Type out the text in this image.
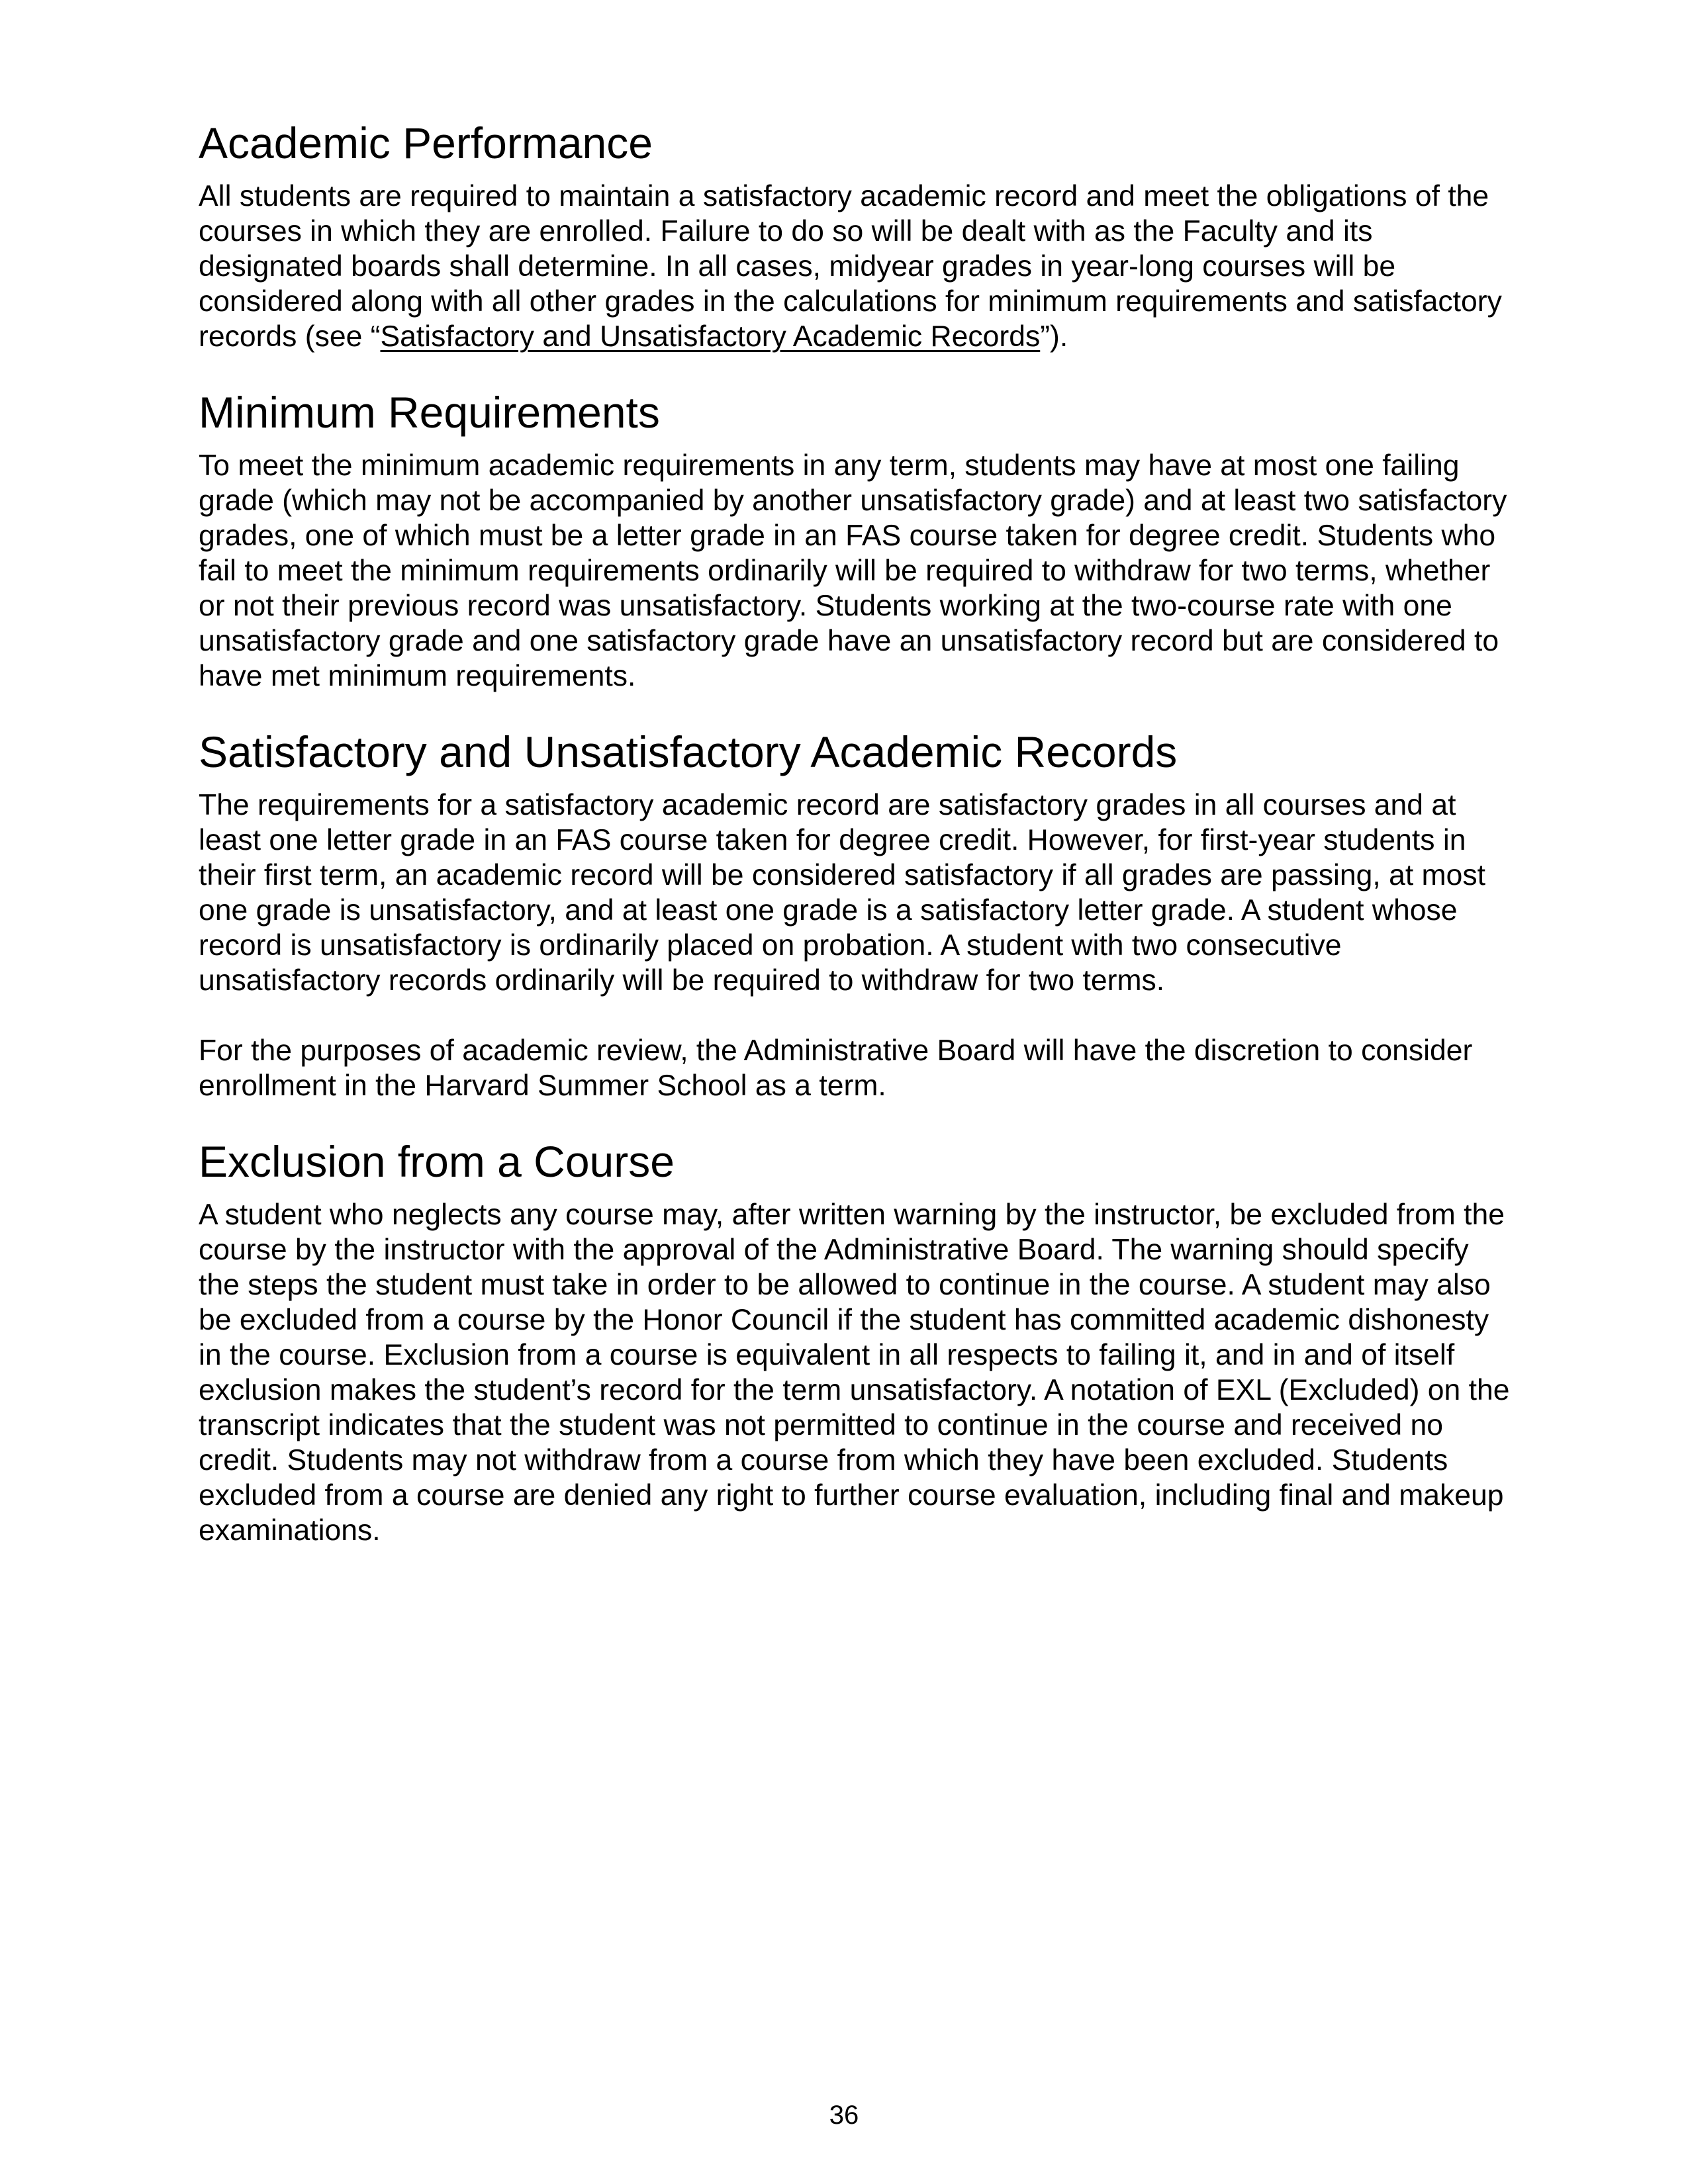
Academic Performance

All students are required to maintain a satisfactory academic record and meet the obligations of the courses in which they are enrolled. Failure to do so will be dealt with as the Faculty and its designated boards shall determine. In all cases, midyear grades in year-long courses will be considered along with all other grades in the calculations for minimum requirements and satisfactory records (see “Satisfactory and Unsatisfactory Academic Records”).

Minimum Requirements

To meet the minimum academic requirements in any term, students may have at most one failing grade (which may not be accompanied by another unsatisfactory grade) and at least two satisfactory grades, one of which must be a letter grade in an FAS course taken for degree credit. Students who fail to meet the minimum requirements ordinarily will be required to withdraw for two terms, whether or not their previous record was unsatisfactory. Students working at the two-course rate with one unsatisfactory grade and one satisfactory grade have an unsatisfactory record but are considered to have met minimum requirements.

Satisfactory and Unsatisfactory Academic Records

The requirements for a satisfactory academic record are satisfactory grades in all courses and at least one letter grade in an FAS course taken for degree credit. However, for first-year students in their first term, an academic record will be considered satisfactory if all grades are passing, at most one grade is unsatisfactory, and at least one grade is a satisfactory letter grade. A student whose record is unsatisfactory is ordinarily placed on probation. A student with two consecutive unsatisfactory records ordinarily will be required to withdraw for two terms.

For the purposes of academic review, the Administrative Board will have the discretion to consider enrollment in the Harvard Summer School as a term.

Exclusion from a Course

A student who neglects any course may, after written warning by the instructor, be excluded from the course by the instructor with the approval of the Administrative Board. The warning should specify the steps the student must take in order to be allowed to continue in the course. A student may also be excluded from a course by the Honor Council if the student has committed academic dishonesty in the course. Exclusion from a course is equivalent in all respects to failing it, and in and of itself exclusion makes the student’s record for the term unsatisfactory. A notation of EXL (Excluded) on the transcript indicates that the student was not permitted to continue in the course and received no credit. Students may not withdraw from a course from which they have been excluded. Students excluded from a course are denied any right to further course evaluation, including final and makeup examinations.

36
